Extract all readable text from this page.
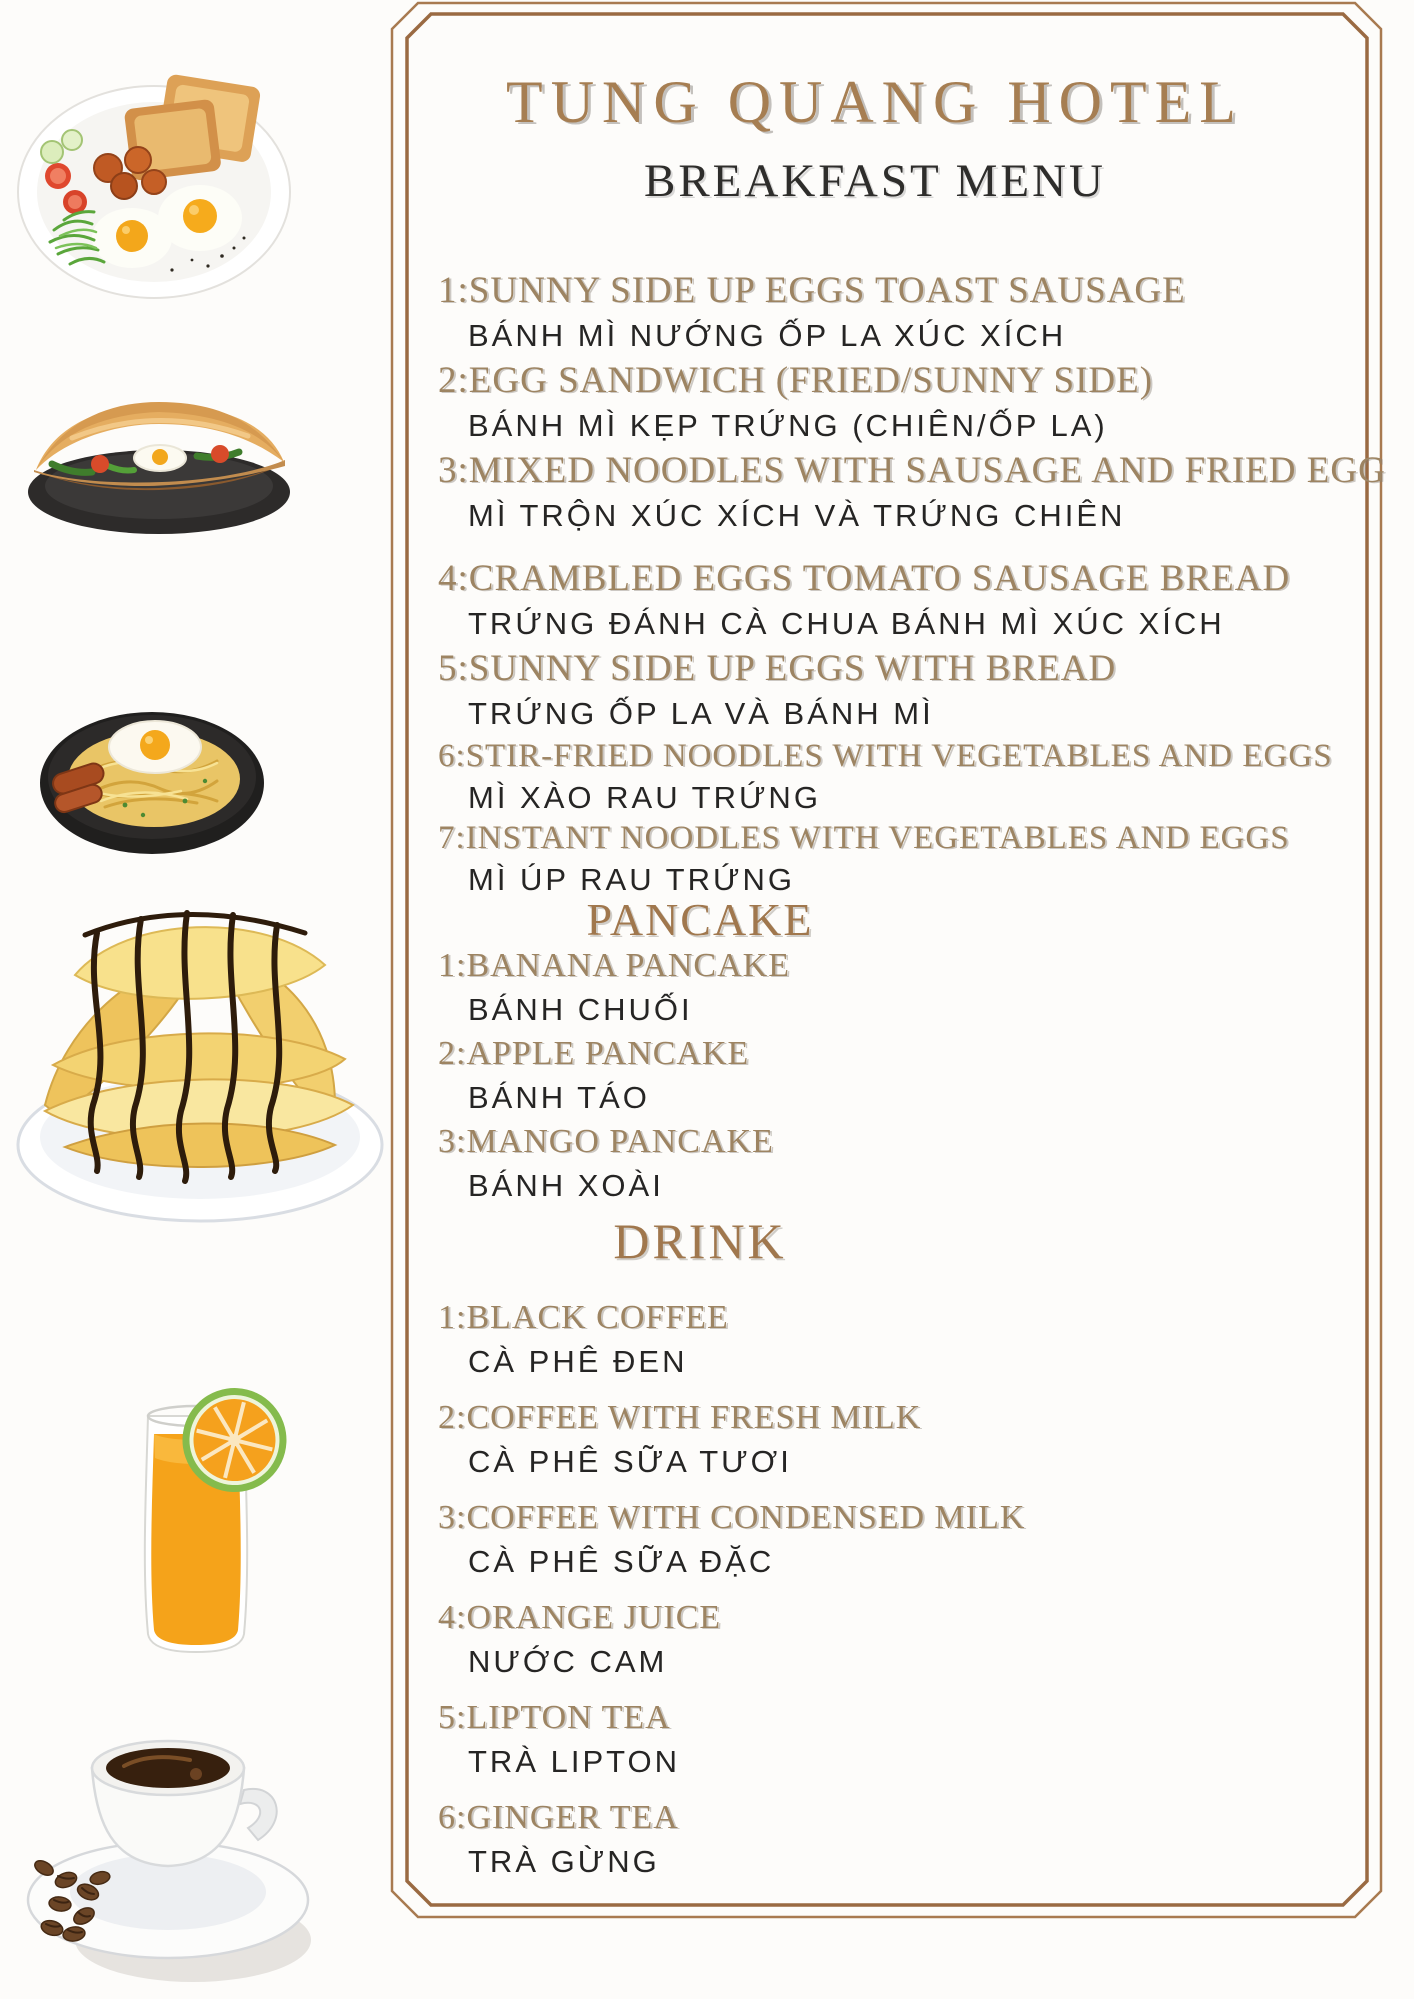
TUNG QUANG HOTEL
BREAKFAST MENU
1:SUNNY SIDE UP EGGS TOAST SAUSAGE
BÁNH MÌ NƯỚNG ỐP LA XÚC XÍCH
2:EGG SANDWICH (FRIED/SUNNY SIDE)
BÁNH MÌ KẸP TRỨNG (CHIÊN/ỐP LA)
3:MIXED NOODLES WITH SAUSAGE AND FRIED EGG
MÌ TRỘN XÚC XÍCH VÀ TRỨNG CHIÊN
4:CRAMBLED EGGS TOMATO SAUSAGE BREAD
TRỨNG ĐÁNH CÀ CHUA BÁNH MÌ XÚC XÍCH
5:SUNNY SIDE UP EGGS WITH BREAD
TRỨNG ỐP LA VÀ BÁNH MÌ
6:STIR-FRIED NOODLES WITH VEGETABLES AND EGGS
MÌ XÀO RAU TRỨNG
7:INSTANT NOODLES WITH VEGETABLES AND EGGS
MÌ ÚP RAU TRỨNG
PANCAKE
1:BANANA PANCAKE
BÁNH CHUỐI
2:APPLE PANCAKE
BÁNH TÁO
3:MANGO PANCAKE
BÁNH XOÀI
DRINK
1:BLACK COFFEE
CÀ PHÊ ĐEN
2:COFFEE WITH FRESH MILK
CÀ PHÊ SỮA TƯƠI
3:COFFEE WITH CONDENSED MILK
CÀ PHÊ SỮA ĐẶC
4:ORANGE JUICE
NƯỚC CAM
5:LIPTON TEA
TRÀ LIPTON
6:GINGER TEA
TRÀ GỪNG
